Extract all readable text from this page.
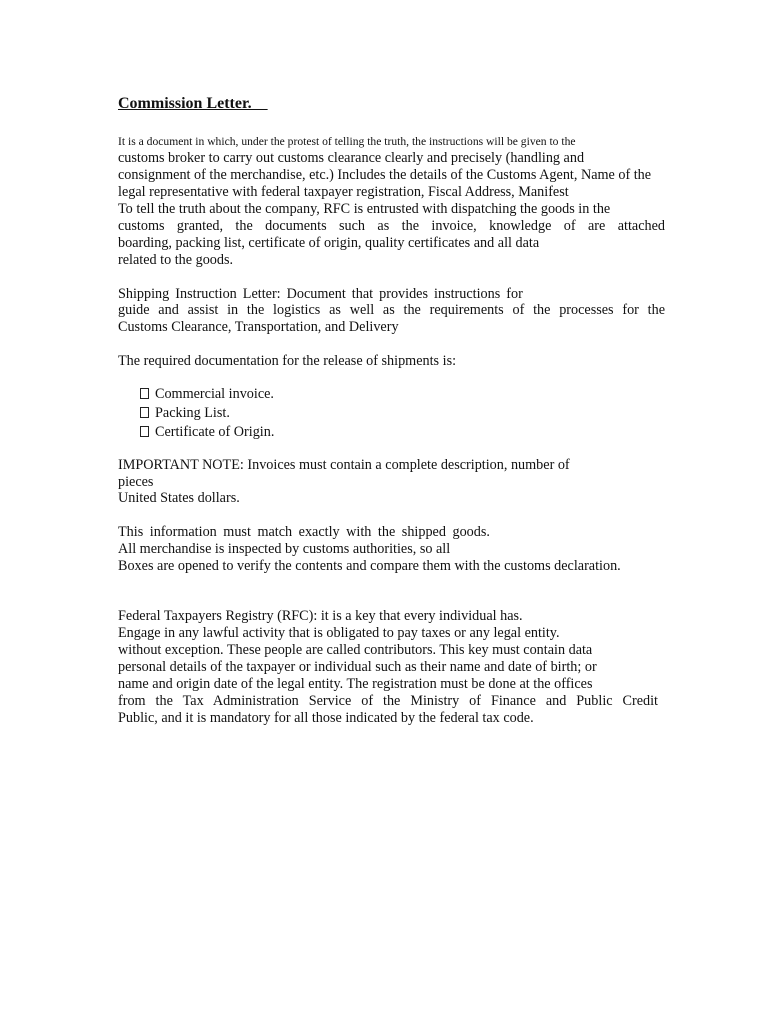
Commission Letter.
It is a document in which, under the protest of telling the truth, the instructions will be given to the
customs broker to carry out customs clearance clearly and precisely (handling and
consignment of the merchandise, etc.) Includes the details of the Customs Agent, Name of the
legal representative with federal taxpayer registration, Fiscal Address, Manifest
To tell the truth about the company, RFC is entrusted with dispatching the goods in the
customs granted, the documents such as the invoice, knowledge of are attached
boarding, packing list, certificate of origin, quality certificates and all data
related to the goods.
Shipping Instruction Letter: Document that provides instructions for
guide and assist in the logistics as well as the requirements of the processes for the
Customs Clearance, Transportation, and Delivery
The required documentation for the release of shipments is:
Commercial invoice.
Packing List.
Certificate of Origin.
IMPORTANT NOTE: Invoices must contain a complete description, number of
pieces
United States dollars.
This information must match exactly with the shipped goods.
All merchandise is inspected by customs authorities, so all
Boxes are opened to verify the contents and compare them with the customs declaration.
Federal Taxpayers Registry (RFC): it is a key that every individual has.
Engage in any lawful activity that is obligated to pay taxes or any legal entity.
without exception. These people are called contributors. This key must contain data
personal details of the taxpayer or individual such as their name and date of birth; or
name and origin date of the legal entity. The registration must be done at the offices
from the Tax Administration Service of the Ministry of Finance and Public Credit
Public, and it is mandatory for all those indicated by the federal tax code.
